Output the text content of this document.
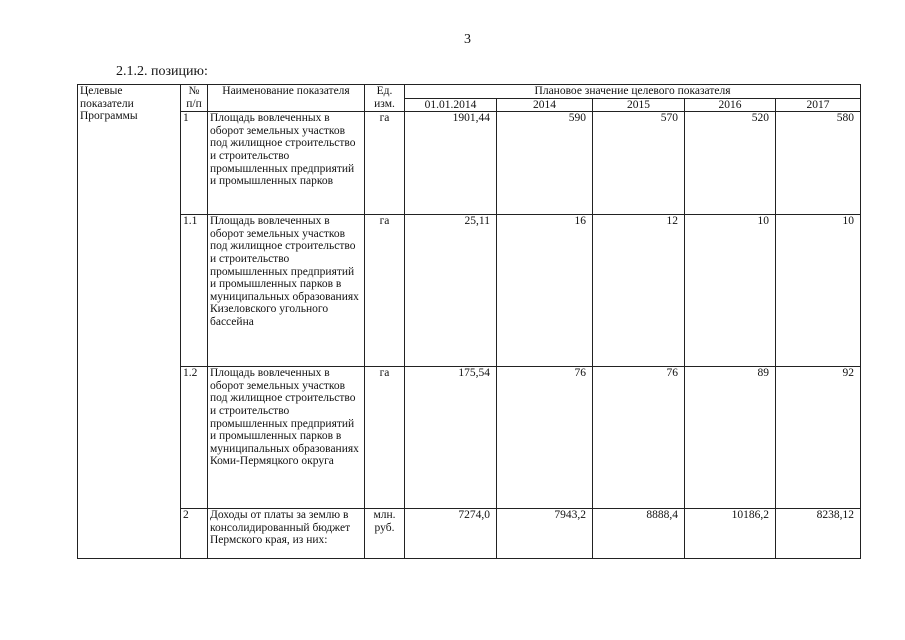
3
2.1.2. позицию:
Целевые показатели Программы	№ п/п	Наименование показателя	Ед. изм.	Плановое значение целевого показателя				
				01.01.2014	2014	2015	2016	2017
	1	Площадь вовлеченных в оборот земельных участков под жилищное строительство и строительство промышленных предприятий и промышленных парков	га	1901,44	590	570	520	580
	1.1	Площадь вовлеченных в оборот земельных участков под жилищное строительство и строительство промышленных предприятий и промышленных парков в муниципальных образованиях Кизеловского угольного бассейна	га	25,11	16	12	10	10
	1.2	Площадь вовлеченных в оборот земельных участков под жилищное строительство и строительство промышленных предприятий и промышленных парков в муниципальных образованиях Коми-Пермяцкого округа	га	175,54	76	76	89	92
	2	Доходы от платы за землю в консолидированный бюджет Пермского края, из них:	млн. руб.	7274,0	7943,2	8888,4	10186,2	8238,12
